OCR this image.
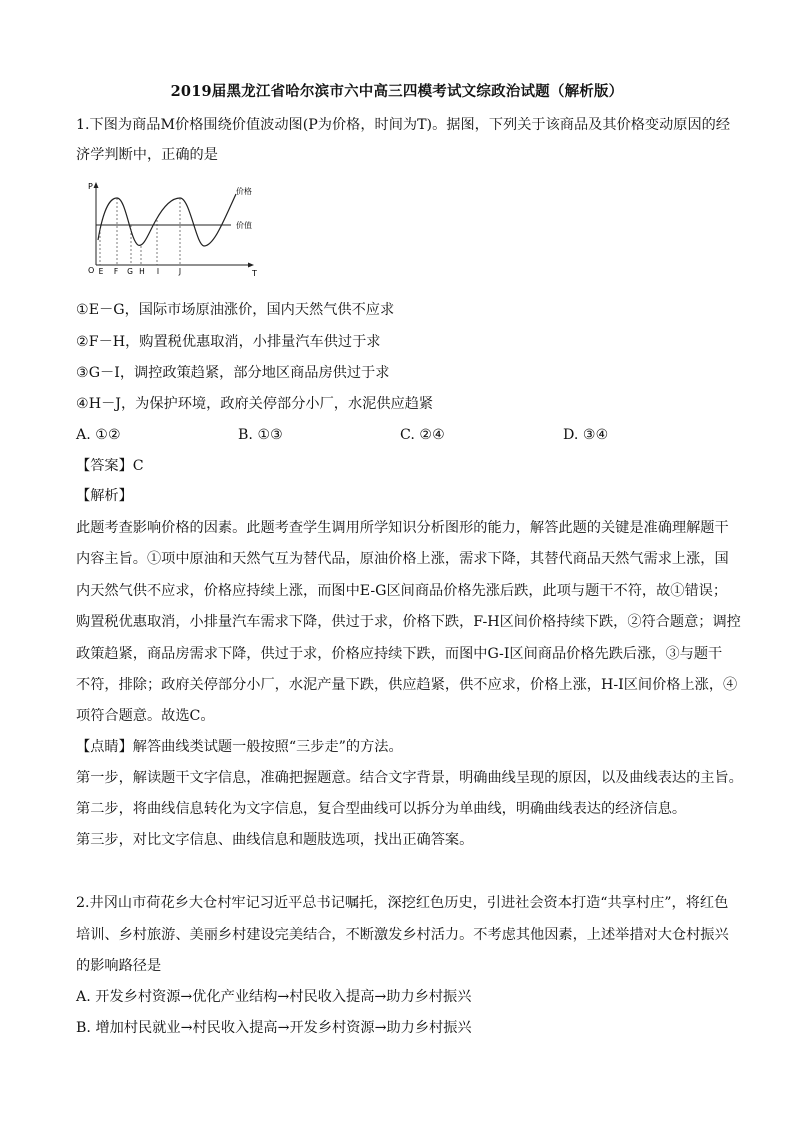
2019届黑龙江省哈尔滨市六中高三四模考试文综政治试题（解析版）
1.下图为商品M价格围绕价值波动图(P为价格，时间为T)。据图，下列关于该商品及其价格变动原因的经
济学判断中，正确的是
P
T
O E F G H I	J
价格
价值
①E－G，国际市场原油涨价，国内天然气供不应求
②F－H，购置税优惠取消，小排量汽车供过于求
③G－I，调控政策趋紧，部分地区商品房供过于求
④H－J，为保护环境，政府关停部分小厂，水泥供应趋紧
A. ①②	B. ①③	C. ②④	D. ③④
【答案】C
【解析】
此题考查影响价格的因素。此题考查学生调用所学知识分析图形的能力，解答此题的关键是准确理解题干
内容主旨。①项中原油和天然气互为替代品，原油价格上涨，需求下降，其替代商品天然气需求上涨，国
内天然气供不应求，价格应持续上涨，而图中E-G区间商品价格先涨后跌，此项与题干不符，故①错误；
购置税优惠取消，小排量汽车需求下降，供过于求，价格下跌，F-H区间价格持续下跌，②符合题意；调控
政策趋紧，商品房需求下降，供过于求，价格应持续下跌，而图中G-I区间商品价格先跌后涨，③与题干
不符，排除；政府关停部分小厂，水泥产量下跌，供应趋紧，供不应求，价格上涨，H-I区间价格上涨，④
项符合题意。故选C。
【点睛】解答曲线类试题一般按照“三步走”的方法。
第一步，解读题干文字信息，准确把握题意。结合文字背景，明确曲线呈现的原因，以及曲线表达的主旨。
第二步，将曲线信息转化为文字信息，复合型曲线可以拆分为单曲线，明确曲线表达的经济信息。
第三步，对比文字信息、曲线信息和题肢选项，找出正确答案。
2.井冈山市荷花乡大仓村牢记习近平总书记嘱托，深挖红色历史，引进社会资本打造“共享村庄”，将红色
培训、乡村旅游、美丽乡村建设完美结合，不断激发乡村活力。不考虑其他因素，上述举措对大仓村振兴
的影响路径是
A. 开发乡村资源→优化产业结构→村民收入提高→助力乡村振兴
B. 增加村民就业→村民收入提高→开发乡村资源→助力乡村振兴
